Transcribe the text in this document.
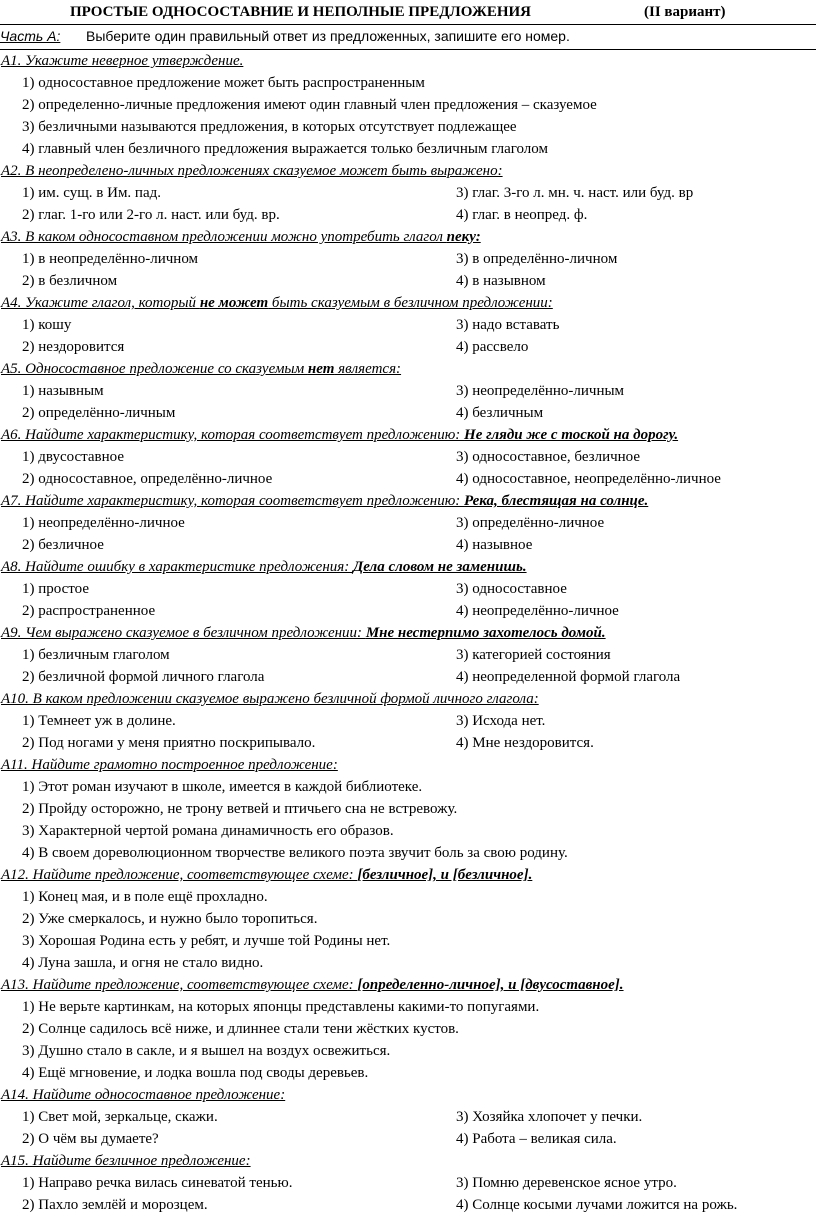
ПРОСТЫЕ ОДНОСОСТАВНИЕ И НЕПОЛНЫЕ ПРЕДЛОЖЕНИЯ	(II вариант)
Часть А: Выберите один правильный ответ из предложенных, запишите его номер.
А1. Укажите неверное утверждение.
1) односоставное предложение может быть распространенным
2) определенно-личные предложения имеют один главный член предложения – сказуемое
3) безличными называются предложения, в которых отсутствует подлежащее
4) главный член безличного предложения выражается только безличным глаголом
А2. В неопределено-личных предложениях сказуемое может быть выражено:
1) им. сущ. в Им. пад.	3) глаг. 3-го л. мн. ч. наст. или буд. вр
2) глаг. 1-го или 2-го л. наст. или буд. вр.	4) глаг. в неопред. ф.
А3. В каком односоставном предложении можно употребить глагол пеку:
1) в неопределённо-личном	3) в определённо-личном
2) в безличном	4) в назывном
А4. Укажите глагол, который не может быть сказуемым в безличном предложении:
1) кошу	3) надо вставать
2) нездоровится	4) рассвело
А5. Односоставное предложение со сказуемым нет является:
1) назывным	3) неопределённо-личным
2) определённо-личным	4) безличным
А6. Найдите характеристику, которая соответствует предложению: Не гляди же с тоской на дорогу.
1) двусоставное	3) односоставное, безличное
2) односоставное, определённо-личное	4) односоставное, неопределённо-личное
А7. Найдите характеристику, которая соответствует предложению: Река, блестящая на солнце.
1) неопределённо-личное	3) определённо-личное
2) безличное	4) назывное
А8. Найдите ошибку в характеристике предложения: Дела словом не заменишь.
1) простое	3) односоставное
2) распространенное	4) неопределённо-личное
А9. Чем выражено сказуемое в безличном предложении: Мне нестерпимо захотелось домой.
1) безличным глаголом	3) категорией состояния
2) безличной формой личного глагола	4) неопределенной формой глагола
А10. В каком предложении сказуемое выражено безличной формой личного глагола:
1) Темнеет уж в долине.	3) Исхода нет.
2) Под ногами у меня приятно поскрипывало.	4) Мне нездоровится.
А11. Найдите грамотно построенное предложение:
1) Этот роман изучают в школе, имеется в каждой библиотеке.
2) Пройду осторожно, не трону ветвей и птичьего сна не встревожу.
3) Характерной чертой романа динамичность его образов.
4) В своем дореволюционном творчестве великого поэта звучит боль за свою родину.
А12. Найдите предложение, соответствующее схеме: [безличное], и [безличное].
1) Конец мая, и в поле ещё прохладно.
2) Уже смеркалось, и нужно было торопиться.
3) Хорошая Родина есть у ребят, и лучше той Родины нет.
4) Луна зашла, и огня не стало видно.
А13. Найдите предложение, соответствующее схеме: [определенно-личное], и [двусоставное].
1) Не верьте картинкам, на которых японцы представлены какими-то попугаями.
2) Солнце садилось всё ниже, и длиннее стали тени жёстких кустов.
3) Душно стало в сакле, и я вышел на воздух освежиться.
4) Ещё мгновение, и лодка вошла под своды деревьев.
А14. Найдите односоставное предложение:
1) Свет мой, зеркальце, скажи.	3) Хозяйка хлопочет у печки.
2) О чём вы думаете?	4) Работа – великая сила.
А15. Найдите безличное предложение:
1) Направо речка вилась синеватой тенью.	3) Помню деревенское ясное утро.
2) Пахло землёй и морозцем.	4) Солнце косыми лучами ложится на рожь.
